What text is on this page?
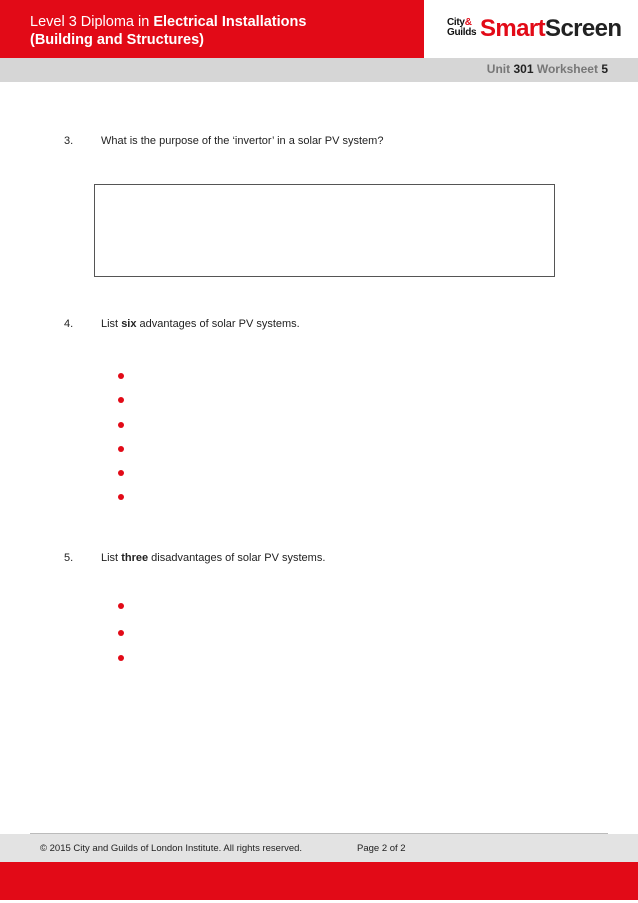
Level 3 Diploma in Electrical Installations
(Building and Structures)
City&
Guilds SmartScreen
Unit 301 Worksheet 5
3.	What is the purpose of the ‘invertor’ in a solar PV system?
4.	List six advantages of solar PV systems.
5.	List three disadvantages of solar PV systems.
© 2015 City and Guilds of London Institute. All rights reserved.	Page 2 of 2
